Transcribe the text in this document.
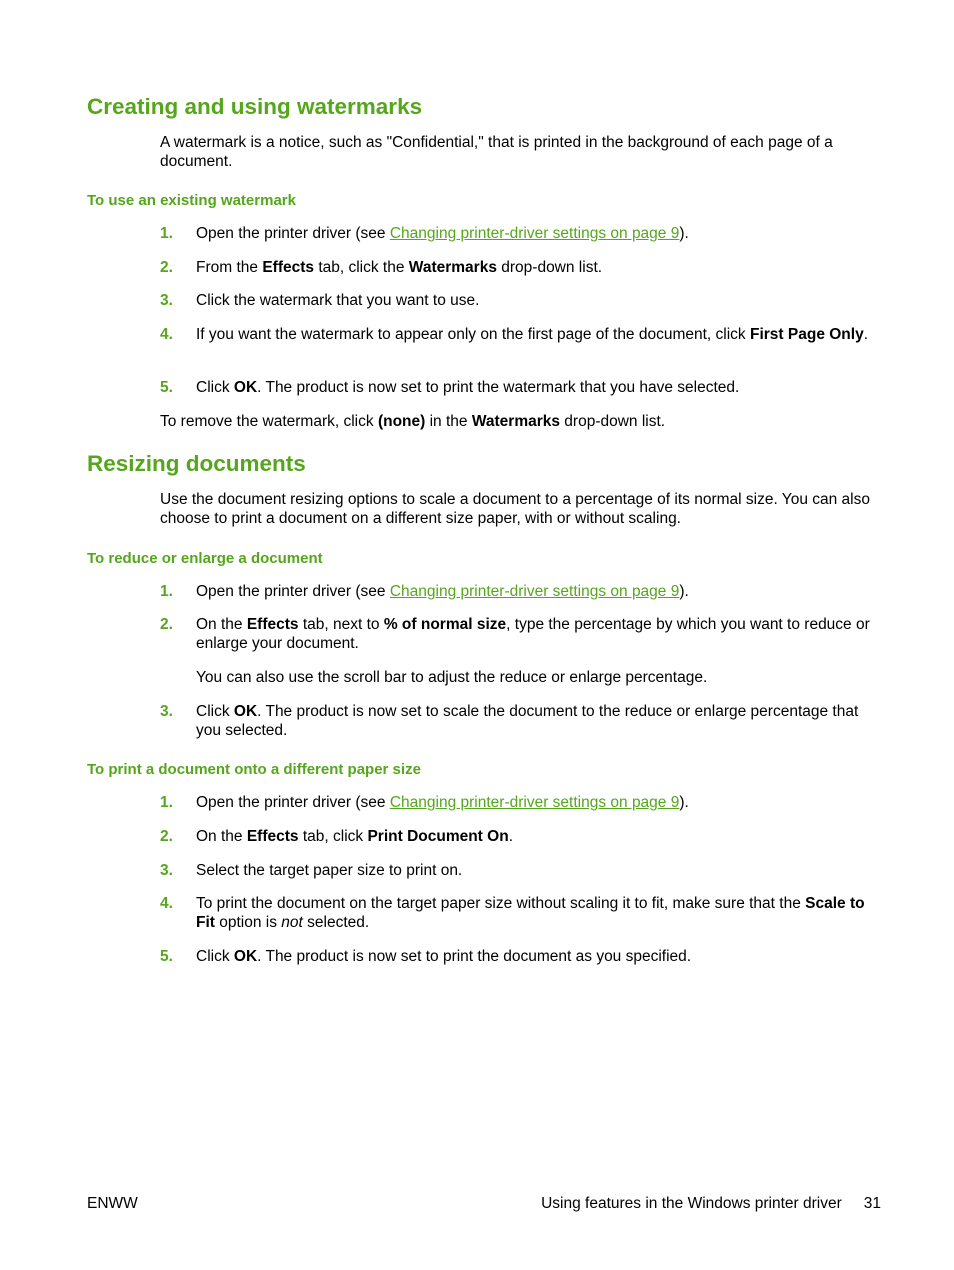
Creating and using watermarks

A watermark is a notice, such as "Confidential," that is printed in the background of each page of a document.

To use an existing watermark

1.	Open the printer driver (see Changing printer-driver settings on page 9).

2.	From the Effects tab, click the Watermarks drop-down list.

3.	Click the watermark that you want to use.

4.	If you want the watermark to appear only on the first page of the document, click First Page Only.

5.	Click OK. The product is now set to print the watermark that you have selected.

To remove the watermark, click (none) in the Watermarks drop-down list.

Resizing documents

Use the document resizing options to scale a document to a percentage of its normal size. You can also choose to print a document on a different size paper, with or without scaling.

To reduce or enlarge a document

1.	Open the printer driver (see Changing printer-driver settings on page 9).

2.	On the Effects tab, next to % of normal size, type the percentage by which you want to reduce or enlarge your document.

You can also use the scroll bar to adjust the reduce or enlarge percentage.

3.	Click OK. The product is now set to scale the document to the reduce or enlarge percentage that you selected.

To print a document onto a different paper size

1.	Open the printer driver (see Changing printer-driver settings on page 9).

2.	On the Effects tab, click Print Document On.

3.	Select the target paper size to print on.

4.	To print the document on the target paper size without scaling it to fit, make sure that the Scale to Fit option is not selected.

5.	Click OK. The product is now set to print the document as you specified.

ENWW	Using features in the Windows printer driver 31
